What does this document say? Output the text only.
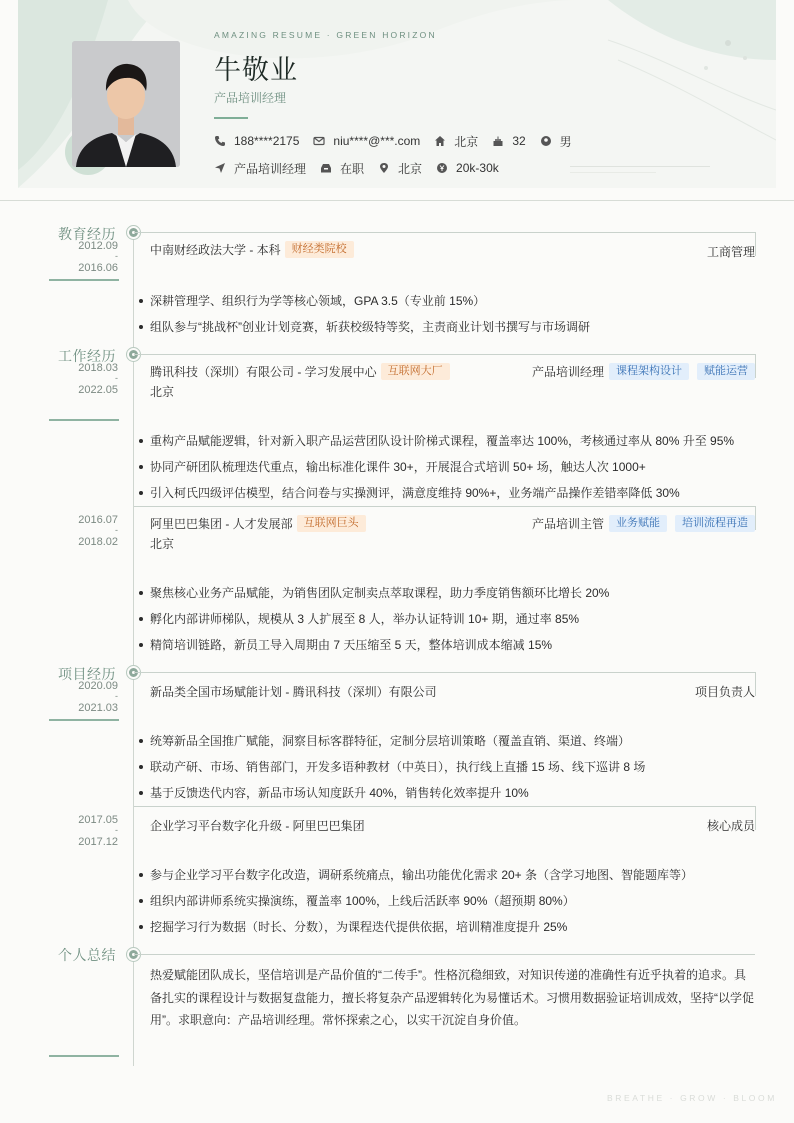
AMAZING RESUME · GREEN HORIZON
牛敬业
产品培训经理
188****2175	niu****@***.com	北京	32	男
产品培训经理	在职	北京	20k-30k
教育经历
2012.09
-
2016.06
中南财经政法大学 - 本科	财经类院校	工商管理
深耕管理学、组织行为学等核心领域，GPA 3.5（专业前 15%）
组队参与“挑战杯”创业计划竞赛，斩获校级特等奖，主责商业计划书撰写与市场调研
工作经历
2018.03
-
2022.05
腾讯科技（深圳）有限公司 - 学习发展中心	互联网大厂
北京
产品培训经理	课程架构设计	赋能运营
重构产品赋能逻辑，针对新入职产品运营团队设计阶梯式课程，覆盖率达 100%，考核通过率从 80% 升至 95%
协同产研团队梳理迭代重点，输出标准化课件 30+，开展混合式培训 50+ 场，触达人次 1000+
引入柯氏四级评估模型，结合问卷与实操测评，满意度维持 90%+，业务端产品操作差错率降低 30%
2016.07
-
2018.02
阿里巴巴集团 - 人才发展部	互联网巨头
北京
产品培训主管	业务赋能	培训流程再造
聚焦核心业务产品赋能，为销售团队定制卖点萃取课程，助力季度销售额环比增长 20%
孵化内部讲师梯队，规模从 3 人扩展至 8 人，举办认证特训 10+ 期，通过率 85%
精简培训链路，新员工导入周期由 7 天压缩至 5 天，整体培训成本缩减 15%
项目经历
2020.09
-
2021.03
新品类全国市场赋能计划 - 腾讯科技（深圳）有限公司	项目负责人
统筹新品全国推广赋能，洞察目标客群特征，定制分层培训策略（覆盖直销、渠道、终端）
联动产研、市场、销售部门，开发多语种教材（中英日），执行线上直播 15 场、线下巡讲 8 场
基于反馈迭代内容，新品市场认知度跃升 40%，销售转化效率提升 10%
2017.05
-
2017.12
企业学习平台数字化升级 - 阿里巴巴集团	核心成员
参与企业学习平台数字化改造，调研系统痛点，输出功能优化需求 20+ 条（含学习地图、智能题库等）
组织内部讲师系统实操演练，覆盖率 100%，上线后活跃率 90%（超预期 80%）
挖掘学习行为数据（时长、分数），为课程迭代提供依据，培训精准度提升 25%
个人总结
热爱赋能团队成长，坚信培训是产品价值的“二传手”。性格沉稳细致，对知识传递的准确性有近乎执着的追求。具备扎实的课程设计与数据复盘能力，擅长将复杂产品逻辑转化为易懂话术。习惯用数据验证培训成效，坚持“以学促用”。求职意向：产品培训经理。常怀探索之心，以实干沉淀自身价值。
BREATHE · GROW · BLOOM
